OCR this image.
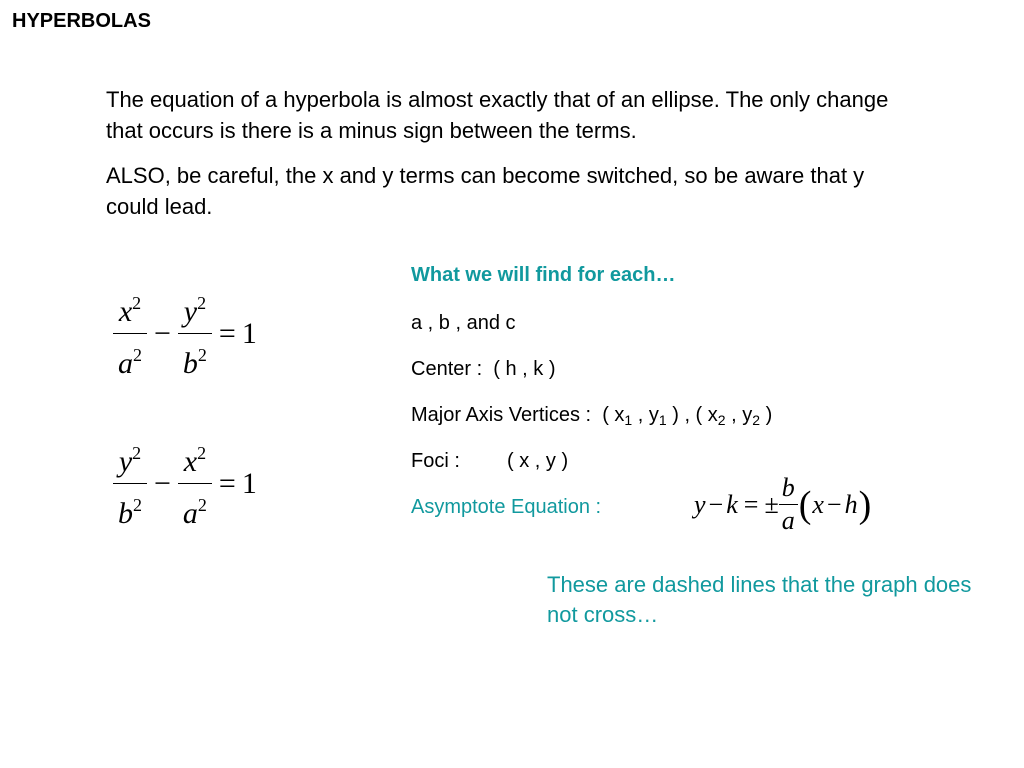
HYPERBOLAS
The equation of a hyperbola is almost exactly that of an ellipse. The only change that occurs is there is a minus sign between the terms.
ALSO, be careful, the x and y terms can become switched, so be aware that y could lead.
$\frac{x^2}{a^2} - \frac{y^2}{b^2} = 1$
$\frac{y^2}{b^2} - \frac{x^2}{a^2} = 1$
What we will find for each…
a , b , and c
Center : ( h , k )
Major Axis Vertices : ( $x_1$ , $y_1$ ) , ( $x_2$ , $y_2$ )
Foci : ( x , y )
Asymptote Equation :	y − k = ± $\frac{b}{a}$ ( x − h )
These are dashed lines that the graph does not cross…
